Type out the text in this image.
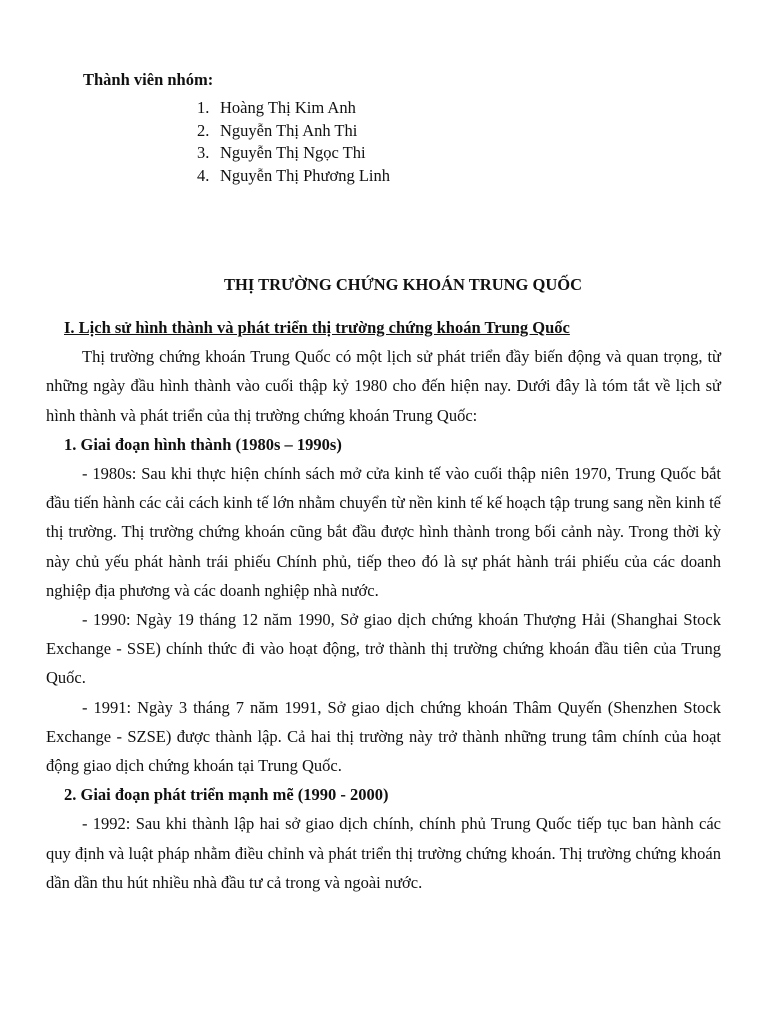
Thành viên nhóm:

1. Hoàng Thị Kim Anh
2. Nguyễn Thị Anh Thi
3. Nguyễn Thị Ngọc Thi
4. Nguyễn Thị Phương Linh
THỊ TRƯỜNG CHỨNG KHOÁN TRUNG QUỐC

I. Lịch sử hình thành và phát triển thị trường chứng khoán Trung Quốc

Thị trường chứng khoán Trung Quốc có một lịch sử phát triển đầy biến động và quan trọng, từ những ngày đầu hình thành vào cuối thập kỷ 1980 cho đến hiện nay. Dưới đây là tóm tắt về lịch sử hình thành và phát triển của thị trường chứng khoán Trung Quốc:

1. Giai đoạn hình thành (1980s – 1990s)

- 1980s: Sau khi thực hiện chính sách mở cửa kinh tế vào cuối thập niên 1970, Trung Quốc bắt đầu tiến hành các cải cách kinh tế lớn nhằm chuyển từ nền kinh tế kế hoạch tập trung sang nền kinh tế thị trường. Thị trường chứng khoán cũng bắt đầu được hình thành trong bối cảnh này. Trong thời kỳ này chủ yếu phát hành trái phiếu Chính phủ, tiếp theo đó là sự phát hành trái phiếu của các doanh nghiệp địa phương và các doanh nghiệp nhà nước.

- 1990: Ngày 19 tháng 12 năm 1990, Sở giao dịch chứng khoán Thượng Hải (Shanghai Stock Exchange - SSE) chính thức đi vào hoạt động, trở thành thị trường chứng khoán đầu tiên của Trung Quốc.

- 1991: Ngày 3 tháng 7 năm 1991, Sở giao dịch chứng khoán Thâm Quyến (Shenzhen Stock Exchange - SZSE) được thành lập. Cả hai thị trường này trở thành những trung tâm chính của hoạt động giao dịch chứng khoán tại Trung Quốc.

2. Giai đoạn phát triển mạnh mẽ (1990 - 2000)

- 1992: Sau khi thành lập hai sở giao dịch chính, chính phủ Trung Quốc tiếp tục ban hành các quy định và luật pháp nhằm điều chỉnh và phát triển thị trường chứng khoán. Thị trường chứng khoán dần dần thu hút nhiều nhà đầu tư cả trong và ngoài nước.
